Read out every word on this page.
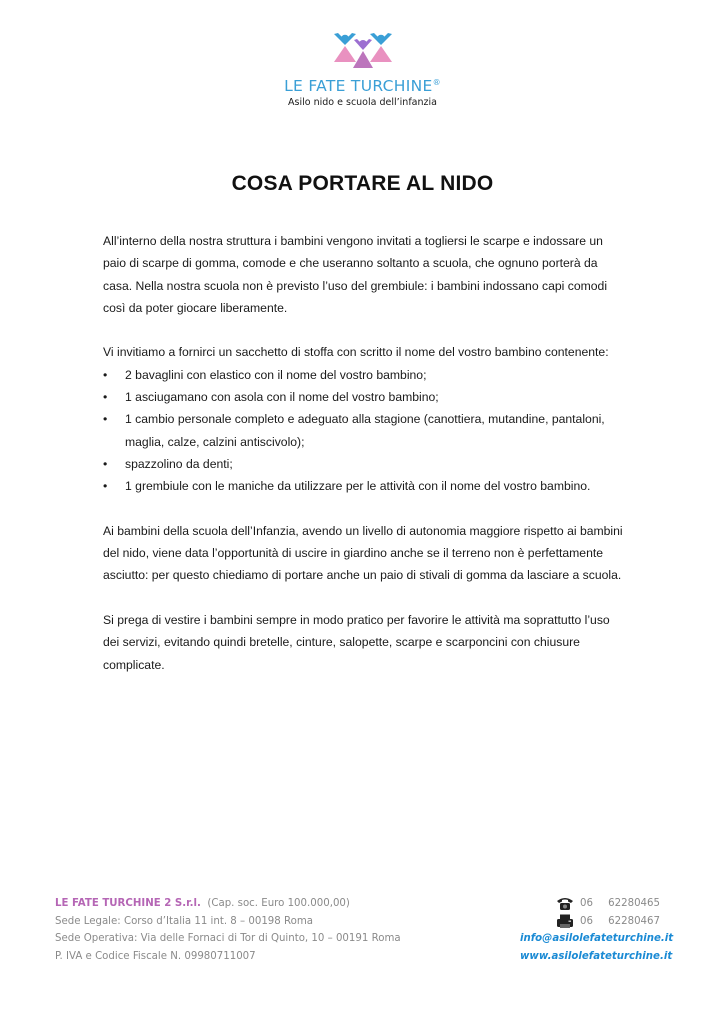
LE FATE TURCHINE®
Asilo nido e scuola dell’infanzia
COSA PORTARE AL NIDO

All’interno della nostra struttura i bambini vengono invitati a togliersi le scarpe e indossare un paio di scarpe di gomma, comode e che useranno soltanto a scuola, che ognuno porterà da casa. Nella nostra scuola non è previsto l’uso del grembiule: i bambini indossano capi comodi così da poter giocare liberamente.

Vi invitiamo a fornirci un sacchetto di stoffa con scritto il nome del vostro bambino contenente:
•	2 bavaglini con elastico con il nome del vostro bambino;
•	1 asciugamano con asola con il nome del vostro bambino;
•	1 cambio personale completo e adeguato alla stagione (canottiera, mutandine, pantaloni, maglia, calze, calzini antiscivolo);
•	spazzolino da denti;
•	1 grembiule con le maniche da utilizzare per le attività con il nome del vostro bambino.

Ai bambini della scuola dell’Infanzia, avendo un livello di autonomia maggiore rispetto ai bambini del nido, viene data l’opportunità di uscire in giardino anche se il terreno non è perfettamente asciutto: per questo chiediamo di portare anche un paio di stivali di gomma da lasciare a scuola.

Si prega di vestire i bambini sempre in modo pratico per favorire le attività ma soprattutto l’uso dei servizi, evitando quindi bretelle, cinture, salopette, scarpe e scarponcini con chiusure complicate.

LE FATE TURCHINE 2 S.r.l. (Cap. soc. Euro 100.000,00)
Sede Legale: Corso d’Italia 11 int. 8 – 00198 Roma
Sede Operativa: Via delle Fornaci di Tor di Quinto, 10 – 00191 Roma
P. IVA e Codice Fiscale N. 09980711007
06	62280465
06	62280467
info@asilolefateturchine.it
www.asilolefateturchine.it
